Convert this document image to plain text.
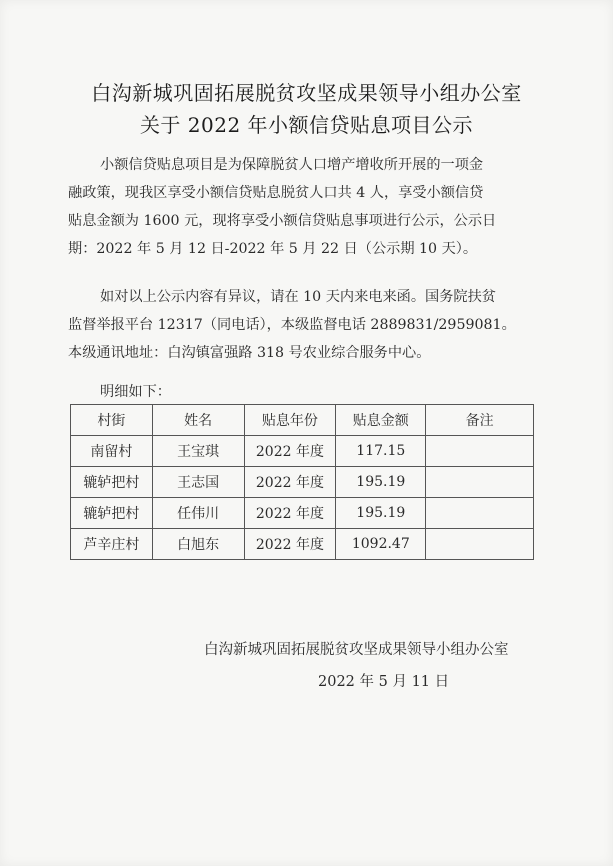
白沟新城巩固拓展脱贫攻坚成果领导小组办公室
关于 2022 年小额信贷贴息项目公示
小额信贷贴息项目是为保障脱贫人口增产增收所开展的一项金
融政策，现我区享受小额信贷贴息脱贫人口共 4 人，享受小额信贷
贴息金额为 1600 元，现将享受小额信贷贴息事项进行公示，公示日
期：2022 年 5 月 12 日-2022 年 5 月 22 日（公示期 10 天）。
如对以上公示内容有异议，请在 10 天内来电来函。国务院扶贫
监督举报平台 12317（同电话），本级监督电话 2889831/2959081。
本级通讯地址：白沟镇富强路 318 号农业综合服务中心。
明细如下：
村街	姓名	贴息年份	贴息金额	备注
南留村	王宝琪	2022 年度	117.15	
辘轳把村	王志国	2022 年度	195.19	
辘轳把村	任伟川	2022 年度	195.19	
芦辛庄村	白旭东	2022 年度	1092.47	
白沟新城巩固拓展脱贫攻坚成果领导小组办公室
2022 年 5 月 11 日
